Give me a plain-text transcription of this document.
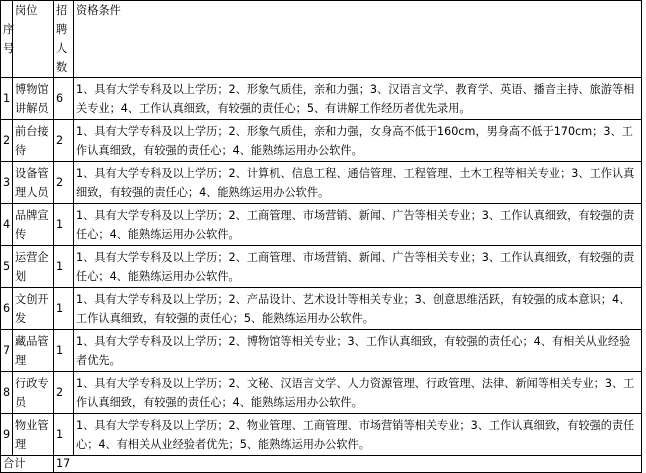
序号	岗位	招聘人数	资格条件
1	博物馆讲解员	6	1、具有大学专科及以上学历；2、形象气质佳，亲和力强；3、汉语言文学、教育学、英语、播音主持、旅游等相关专业；4、工作认真细致，有较强的责任心；5、有讲解工作经历者优先录用。
2	前台接待	2	1、具有大学专科及以上学历；2、形象气质佳，亲和力强，女身高不低于160cm，男身高不低于170cm；3、工作认真细致，有较强的责任心；4、能熟练运用办公软件。
3	设备管理人员	2	1、具有大学专科及以上学历；2、计算机、信息工程、通信管理、工程管理、土木工程等相关专业；3、工作认真细致，有较强的责任心；4、能熟练运用办公软件。
4	品牌宣传	1	1、具有大学专科及以上学历；2、工商管理、市场营销、新闻、广告等相关专业；3、工作认真细致，有较强的责任心；4、能熟练运用办公软件。
5	运营企划	1	1、具有大学专科及以上学历；2、工商管理、市场营销、新闻、广告等相关专业；3、工作认真细致，有较强的责任心；4、能熟练运用办公软件。
6	文创开发	1	1、具有大学专科及以上学历；2、产品设计、艺术设计等相关专业；3、创意思维活跃，有较强的成本意识；4、工作认真细致，有较强的责任心；5、能熟练运用办公软件。
7	藏品管理	1	1、具有大学专科及以上学历；2、博物馆等相关专业；3、工作认真细致，有较强的责任心；4、有相关从业经验者优先。
8	行政专员	2	1、具有大学专科及以上学历；2、文秘、汉语言文学、人力资源管理、行政管理、法律、新闻等相关专业；3、工作认真细致，有较强的责任心；4、能熟练运用办公软件。
9	物业管理	1	1、具有大学专科及以上学历；2、物业管理、工商管理、市场营销等相关专业；3、工作认真细致，有较强的责任心；4、有相关从业经验者优先；5、能熟练运用办公软件。
合计		17	
